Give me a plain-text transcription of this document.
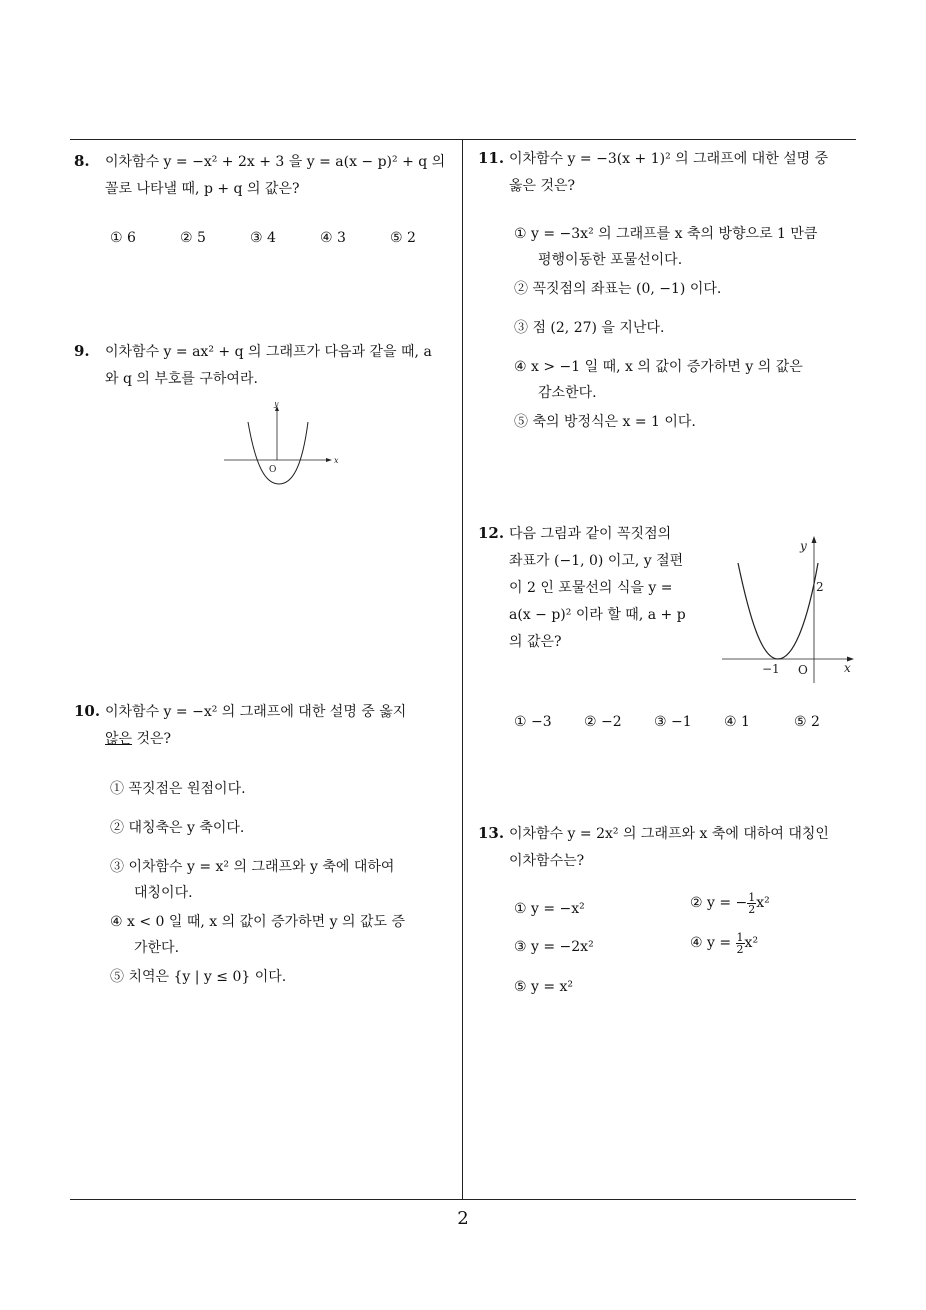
8. 이차함수 y = −x² + 2x + 3 을 y = a(x − p)² + q 의
꼴로 나타낼 때, p + q 의 값은?
① 6	② 5	③ 4	④ 3	⑤ 2
9. 이차함수 y = ax² + q 의 그래프가 다음과 같을 때, a
와 q 의 부호를 구하여라.
y
x
O
10. 이차함수 y = −x² 의 그래프에 대한 설명 중 옳지
않은 것은?
① 꼭짓점은 원점이다.
② 대칭축은 y 축이다.
③ 이차함수 y = x² 의 그래프와 y 축에 대하여
대칭이다.
④ x < 0 일 때, x 의 값이 증가하면 y 의 값도 증
가한다.
⑤ 치역은 {y | y ≤ 0} 이다.
11. 이차함수 y = −3(x + 1)² 의 그래프에 대한 설명 중
옳은 것은?
① y = −3x² 의 그래프를 x 축의 방향으로 1 만큼
평행이동한 포물선이다.
② 꼭짓점의 좌표는 (0, −1) 이다.
③ 점 (2, 27) 을 지난다.
④ x > −1 일 때, x 의 값이 증가하면 y 의 값은
감소한다.
⑤ 축의 방정식은 x = 1 이다.
12. 다음 그림과 같이 꼭짓점의
좌표가 (−1, 0) 이고, y 절편
이 2 인 포물선의 식을 y =
a(x − p)² 이라 할 때, a + p
의 값은?
y
x
O
−1
2
① −3 ② −2 ③ −1 ④ 1	⑤ 2
13. 이차함수 y = 2x² 의 그래프와 x 축에 대하여 대칭인
이차함수는?
① y = −x²	② y = − $\frac{1}{2} x^2$
③ y = −2x²	④ $y = \frac{1}{2} x^2$
⑤ y = x²
2
